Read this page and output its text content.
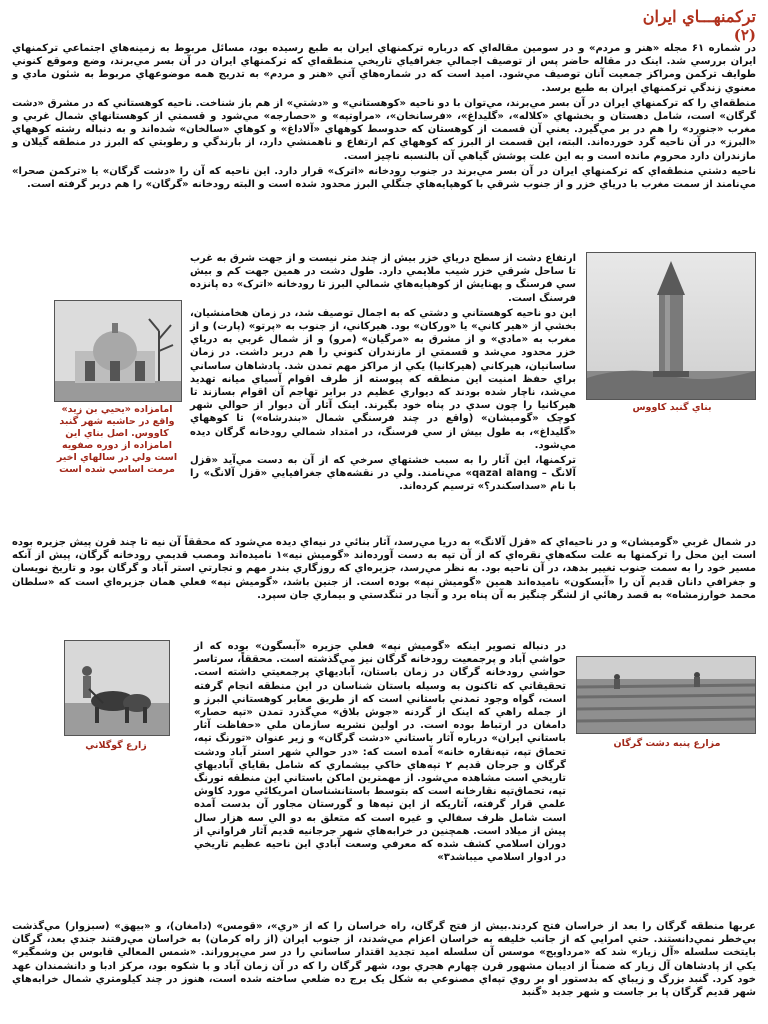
ترکمنهـــاي ايران
(۲)

در شماره ۶۱ مجله «هنر و مردم» و در سومين مقاله‌اي که درباره ترکمنهاي ايران به طبع رسيده بود، مسائل مربوط به زمينه‌هاي اجتماعي ترکمنهاي ايران بررسي شد. اينک در مقاله حاضر پس از توصيف اجمالي جغرافياي تاريخي منطقه‌اي که ترکمنهاي ايران در آن بسر مي‌برند، وضع وموقع کنوني طوايف ترکمن ومراکز جمعيت آنان توصيف مي‌شود. اميد است که در شماره‌هاي آتي «هنر و مردم» به تدريج همه موضوعهاي مربوط به شئون مادي و معنوي زندگي ترکمنهاي ايران به طبع برسد.

منطقه‌اي را که ترکمنهاي ايران در آن بسر مي‌برند، مي‌توان با دو ناحيه «کوهستاني» و «دشتي» از هم باز شناخت. ناحيه کوهستاني که در مشرق «دشت گرگان» است، شامل دهستان و بخشهاي «کلاله»، «گليداغ»، «فرسانخان»، «مراوتپه» و «حصارجه» مي‌شود و قسمتي از کوهستانهاي شمال غربي و مغرب «جنورد» را هم در بر مي‌گيرد. يعني آن قسمت از کوهستان که حدوسط کوههاي «آلاداغ» و کوهاي «سالخان» شده‌اند و به دنباله رشته کوههاي «البرز» در آن ناحيه گرد خورده‌اند. البته، اين قسمت از البرز که کوههاي کم ارتفاع و ناهمنشي دارد، از بارندگي و رطوبتي که البرز در منطقه گيلان و مازندران دارد محروم مانده است و به اين علت پوشش گياهي آن بالنسبه ناچيز است.

ناحيه دشتي منطقه‌اي که ترکمنهاي ايران در آن بسر مي‌برند در جنوب رودخانه «اترک» قرار دارد. اين ناحيه که آن را «دشت گرگان» يا «ترکمن صحرا» مي‌نامند از سمت مغرب با درياي خزر و از جنوب شرقي با کوهپايه‌هاي جنگلي البرز محدود شده است و البته رودخانه «گرگان» را هم دربر گرفته است.

بناي گنبد کاووس

ارتفاع دشت از سطح درياي خزر بيش از چند متر نيست و از جهت شرق به غرب تا ساحل شرقي خزر شيب ملايمي دارد. طول دشت در همين جهت کم و بيش سي فرسنگ و پهنايش از کوهپايه‌هاي شمالي البرز تا رودخانه «اترک» ده پانزده فرسنگ است.

اين دو ناحيه کوهستاني و دشتي که به اجمال توصيف شد، در زمان هخامنشيان، بخشي از «هير کاني» يا «ورکان» بود. هيرکاني، از جنوب به «پرتو» (پارت) و از مغرب به «مادي» و از مشرق به «مرگيان» (مرو) و از شمال غربي به درياي خزر محدود مي‌شد و قسمتي از مازندران کنوني را هم دربر داشت. در زمان ساسانيان، هيرکاني (هيرکانيا) يکي از مراکز مهم تمدن شد. پادشاهان ساساني براي حفظ امنيت اين منطقه که پيوسته از طرف اقوام آسياي ميانه تهديد مي‌شد، ناچار شده بودند که ديواري عظيم در برابر تهاجم آن اقوام بسازند تا هيرکانيا را چون سدي در پناه خود بگيرند. اينک آثار آن ديوار از حوالي شهر کوچک «گوميشان» (واقع در چند فرسنگي شمال «بندرشاه») تا کوههاي «گليداغ»، به طول بيش از سي فرسنگ، در امتداد شمالي رودخانه گرگان ديده مي‌شود.

ترکمنها، اين آثار را به سبب خشتهاي سرخي که از آن به دست مي‌آيد «قزل آلانگ – qazal alang» مي‌نامند. ولي در نقشه‌هاي جغرافيايي «قزل آلانگ» را با نام «سداسکندر؟» ترسيم کرده‌اند.

امامزاده «يحيي بن زيد» واقع در حاشيه شهر گنبد کاووس. اصل بناي اين امامزاده از دوره صفويه است ولي در سالهاي اخير مرمت اساسي شده است

در شمال غربي «گوميشان» و در ناحيه‌اي که «قزل آلانگ» به دريا مي‌رسد، آثار بنائي در نيه‌اي ديده مي‌شود که محققاً آن نيه تا چند قرن پيش جزيره بوده است اين محل را ترکمنها به علت سکه‌هاي نقره‌اي که از آن تپه به دست آورده‌اند «گوميش نيه»۱ ناميده‌اند ومصب قديمي رودخانه گرگان، پيش از آنکه مسير خود را به سمت جنوب تغيير بدهد، در آن ناحيه بود. به نظر مي‌رسد، جزيره‌اي که روزگاري بندر مهم و تجارتي استر آباد و گرگان بود و تاريخ نويسان و جغرافي دانان قديم آن را «آبسکون» ناميده‌اند همين «گوميش نپه» بوده است. از جنين باشد، «گوميش نپه» فعلي همان جزيره‌اي است که «سلطان محمد خوارزمشاه» به قصد رهائي از لشگر چنگيز به آن پناه برد و آنجا در تنگدستي و بيماري جان سپرد.

زارع گوگلاني

در دنباله تصوير اينکه «گوميش نپه» فعلي جزيره «آبسگون» بوده که از حواشي آباد و پرجمعيت رودخانه گرگان نيز مي‌گذشته است. محققاً، سرتاسر حواشي رودخانه گرگان در زمان باستان، آباديهاي پرجمعيتي داشته است. تحقيقاتي که تاکنون به وسيله باستان شناسان در اين منطقه انجام گرفته است، گواه وجود تمدني باستاني است که از طريق معابر کوهستاني البرز و از جمله راهي که اينک از گردنه «جوش بلاق» مي‌گذرد تمدن «تپه حصار» دامغان در ارتباط بوده است. در اولين نشريه سازمان ملي «حفاظت آثار باستاني ايران» درباره آثار باستاني «دشت گرگان» و زير عنوان «تورنگ تپه، تحماق تپه، تپه‌نقاره خانه» آمده است که: «در حوالي شهر استر آباد ودشت گرگان و جرجان قديم ۲ تپه‌هاي خاکي بيشماري که شامل بقاياي آباديهاي تاريخي است مشاهده مي‌شود. از مهمترين اماکن باستاني اين منطقه تورنگ تپه، تحماق‌تپه نقارخانه است که بتوسط باستانشناسان امريکائي مورد کاوش علمي قرار گرفته، آثاريکه از اين تپه‌ها و گورستان مجاور آن بدست آمده است شامل ظرف سفالي و غيره است که متعلق به دو الي سه هزار سال پيش از ميلاد است. همچنين در خرابه‌هاي شهر جرجانيه قديم آثار فراواني از دوران اسلامي کشف شده که معرفي وسعت آبادي اين ناحيه عظيم تاريخي در ادوار اسلامي ميباشد۳»

مزارع پنبه دشت گرگان

عربها منطقه گرگان را بعد از خراسان فتح کردند.بيش از فتح گرگان، راه خراسان را که از «ري»، «قومس» (دامغان)، و «بيهق» (سبزوار) مي‌گذشت بي‌خطر نمي‌دانستند. حتي امرايي که از جانب خليفه به خراسان اعزام مي‌شدند، از جنوب ايران (از راه کرمان) به خراسان مي‌رفتند جندي بعد، گرگان بايتخت سلسله «آل زيار» شد که «مرداويج» موسس آن سلسله اميد تجديد اقتدار ساساني را در سر مي‌پروراند. «شمس المعالي قابوس بن وشمگير» يکي از پادشاهان آل زيار که ضمناً از اديبان مشهور قرن چهارم هجري بود، شهر گرگان را که در آن زمان آباد و با شکوه بود، مرکز ادبا و دانشمندان عهد خود کرد. گنبد بزرگ و زيباي که بدستور او بر روي تپه‌اي مصنوعي به شکل يک برج ده ضلعي ساخته شده است، هنوز در چند کيلومتري شمال خرابه‌هاي شهر قديم گرگان پا بر جاست و شهر جديد «گنبد
